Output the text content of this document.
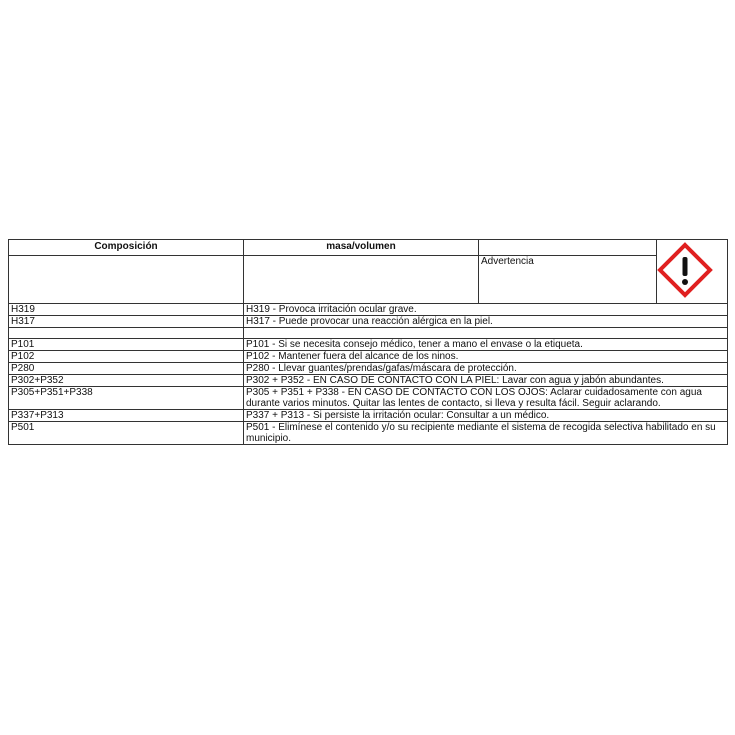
Composición	masa/volumen		
		Advertencia	
H319	H319 - Provoca irritación ocular grave.		
H317	H317 - Puede provocar una reacción alérgica en la piel.		

P101	P101 - Si se necesita consejo médico, tener a mano el envase o la etiqueta.		
P102	P102 - Mantener fuera del alcance de los ninos.		
P280	P280 - Llevar guantes/prendas/gafas/máscara de protección.		
P302+P352	P302 + P352 - EN CASO DE CONTACTO CON LA PIEL: Lavar con agua y jabón abundantes.		
P305+P351+P338	P305 + P351 + P338 - EN CASO DE CONTACTO CON LOS OJOS: Aclarar cuidadosamente con agua durante varios minutos. Quitar las lentes de contacto, si lleva y resulta fácil. Seguir aclarando.		
P337+P313	P337 + P313 - Si persiste la irritación ocular: Consultar a un médico.		
P501	P501 - Elimínese el contenido y/o su recipiente mediante el sistema de recogida selectiva habilitado en su municipio.		
